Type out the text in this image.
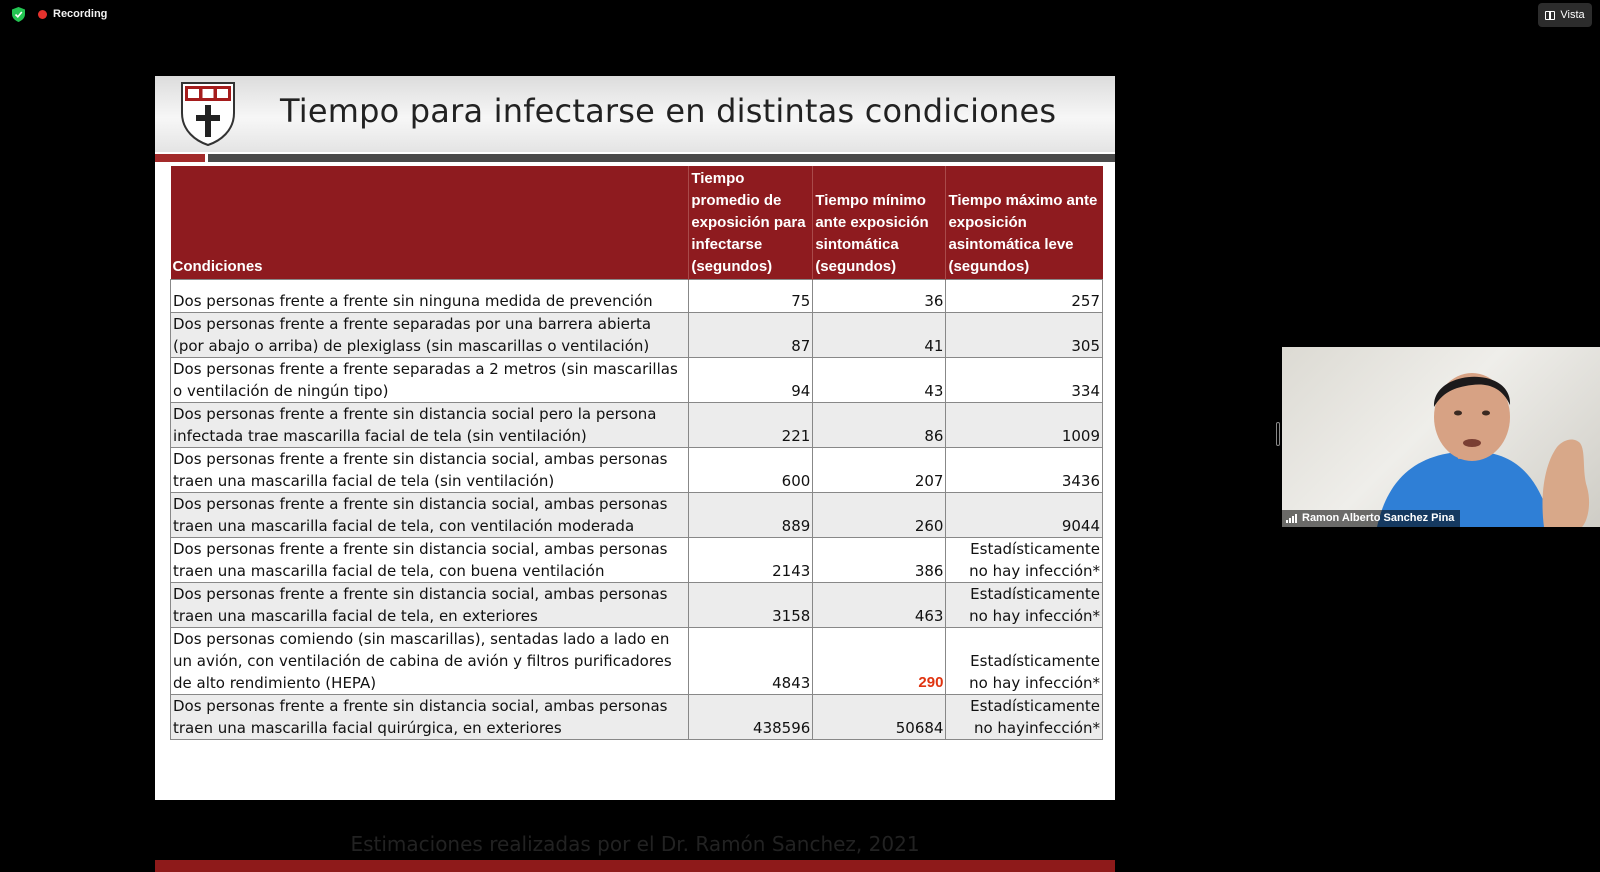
Recording	Vista
Tiempo para infectarse en distintas condiciones
Condiciones	Tiempo promedio de exposición para infectarse (segundos)	Tiempo mínimo ante exposición sintomática (segundos)	Tiempo máximo ante exposición asintomática leve (segundos)
Dos personas frente a frente sin ninguna medida de prevención	75	36	257
Dos personas frente a frente separadas por una barrera abierta (por abajo o arriba) de plexiglass (sin mascarillas o ventilación)	87	41	305
Dos personas frente a frente separadas a 2 metros (sin mascarillas o ventilación de ningún tipo)	94	43	334
Dos personas frente a frente sin distancia social pero la persona infectada trae mascarilla facial de tela (sin ventilación)	221	86	1009
Dos personas frente a frente sin distancia social, ambas personas traen una mascarilla facial de tela (sin ventilación)	600	207	3436
Dos personas frente a frente sin distancia social, ambas personas traen una mascarilla facial de tela, con ventilación moderada	889	260	9044
Dos personas frente a frente sin distancia social, ambas personas traen una mascarilla facial de tela, con buena ventilación	2143	386	Estadísticamente no hay infección*
Dos personas frente a frente sin distancia social, ambas personas traen una mascarilla facial de tela, en exteriores	3158	463	Estadísticamente no hay infección*
Dos personas comiendo (sin mascarillas), sentadas lado a lado en un avión, con ventilación de cabina de avión y filtros purificadores de alto rendimiento (HEPA)	4843	290	Estadísticamente no hay infección*
Dos personas frente a frente sin distancia social, ambas personas traen una mascarilla facial quirúrgica, en exteriores	438596	50684	Estadísticamente no hayinfección*
Estimaciones realizadas por el Dr. Ramón Sanchez, 2021
Ramon Alberto Sanchez Pina
